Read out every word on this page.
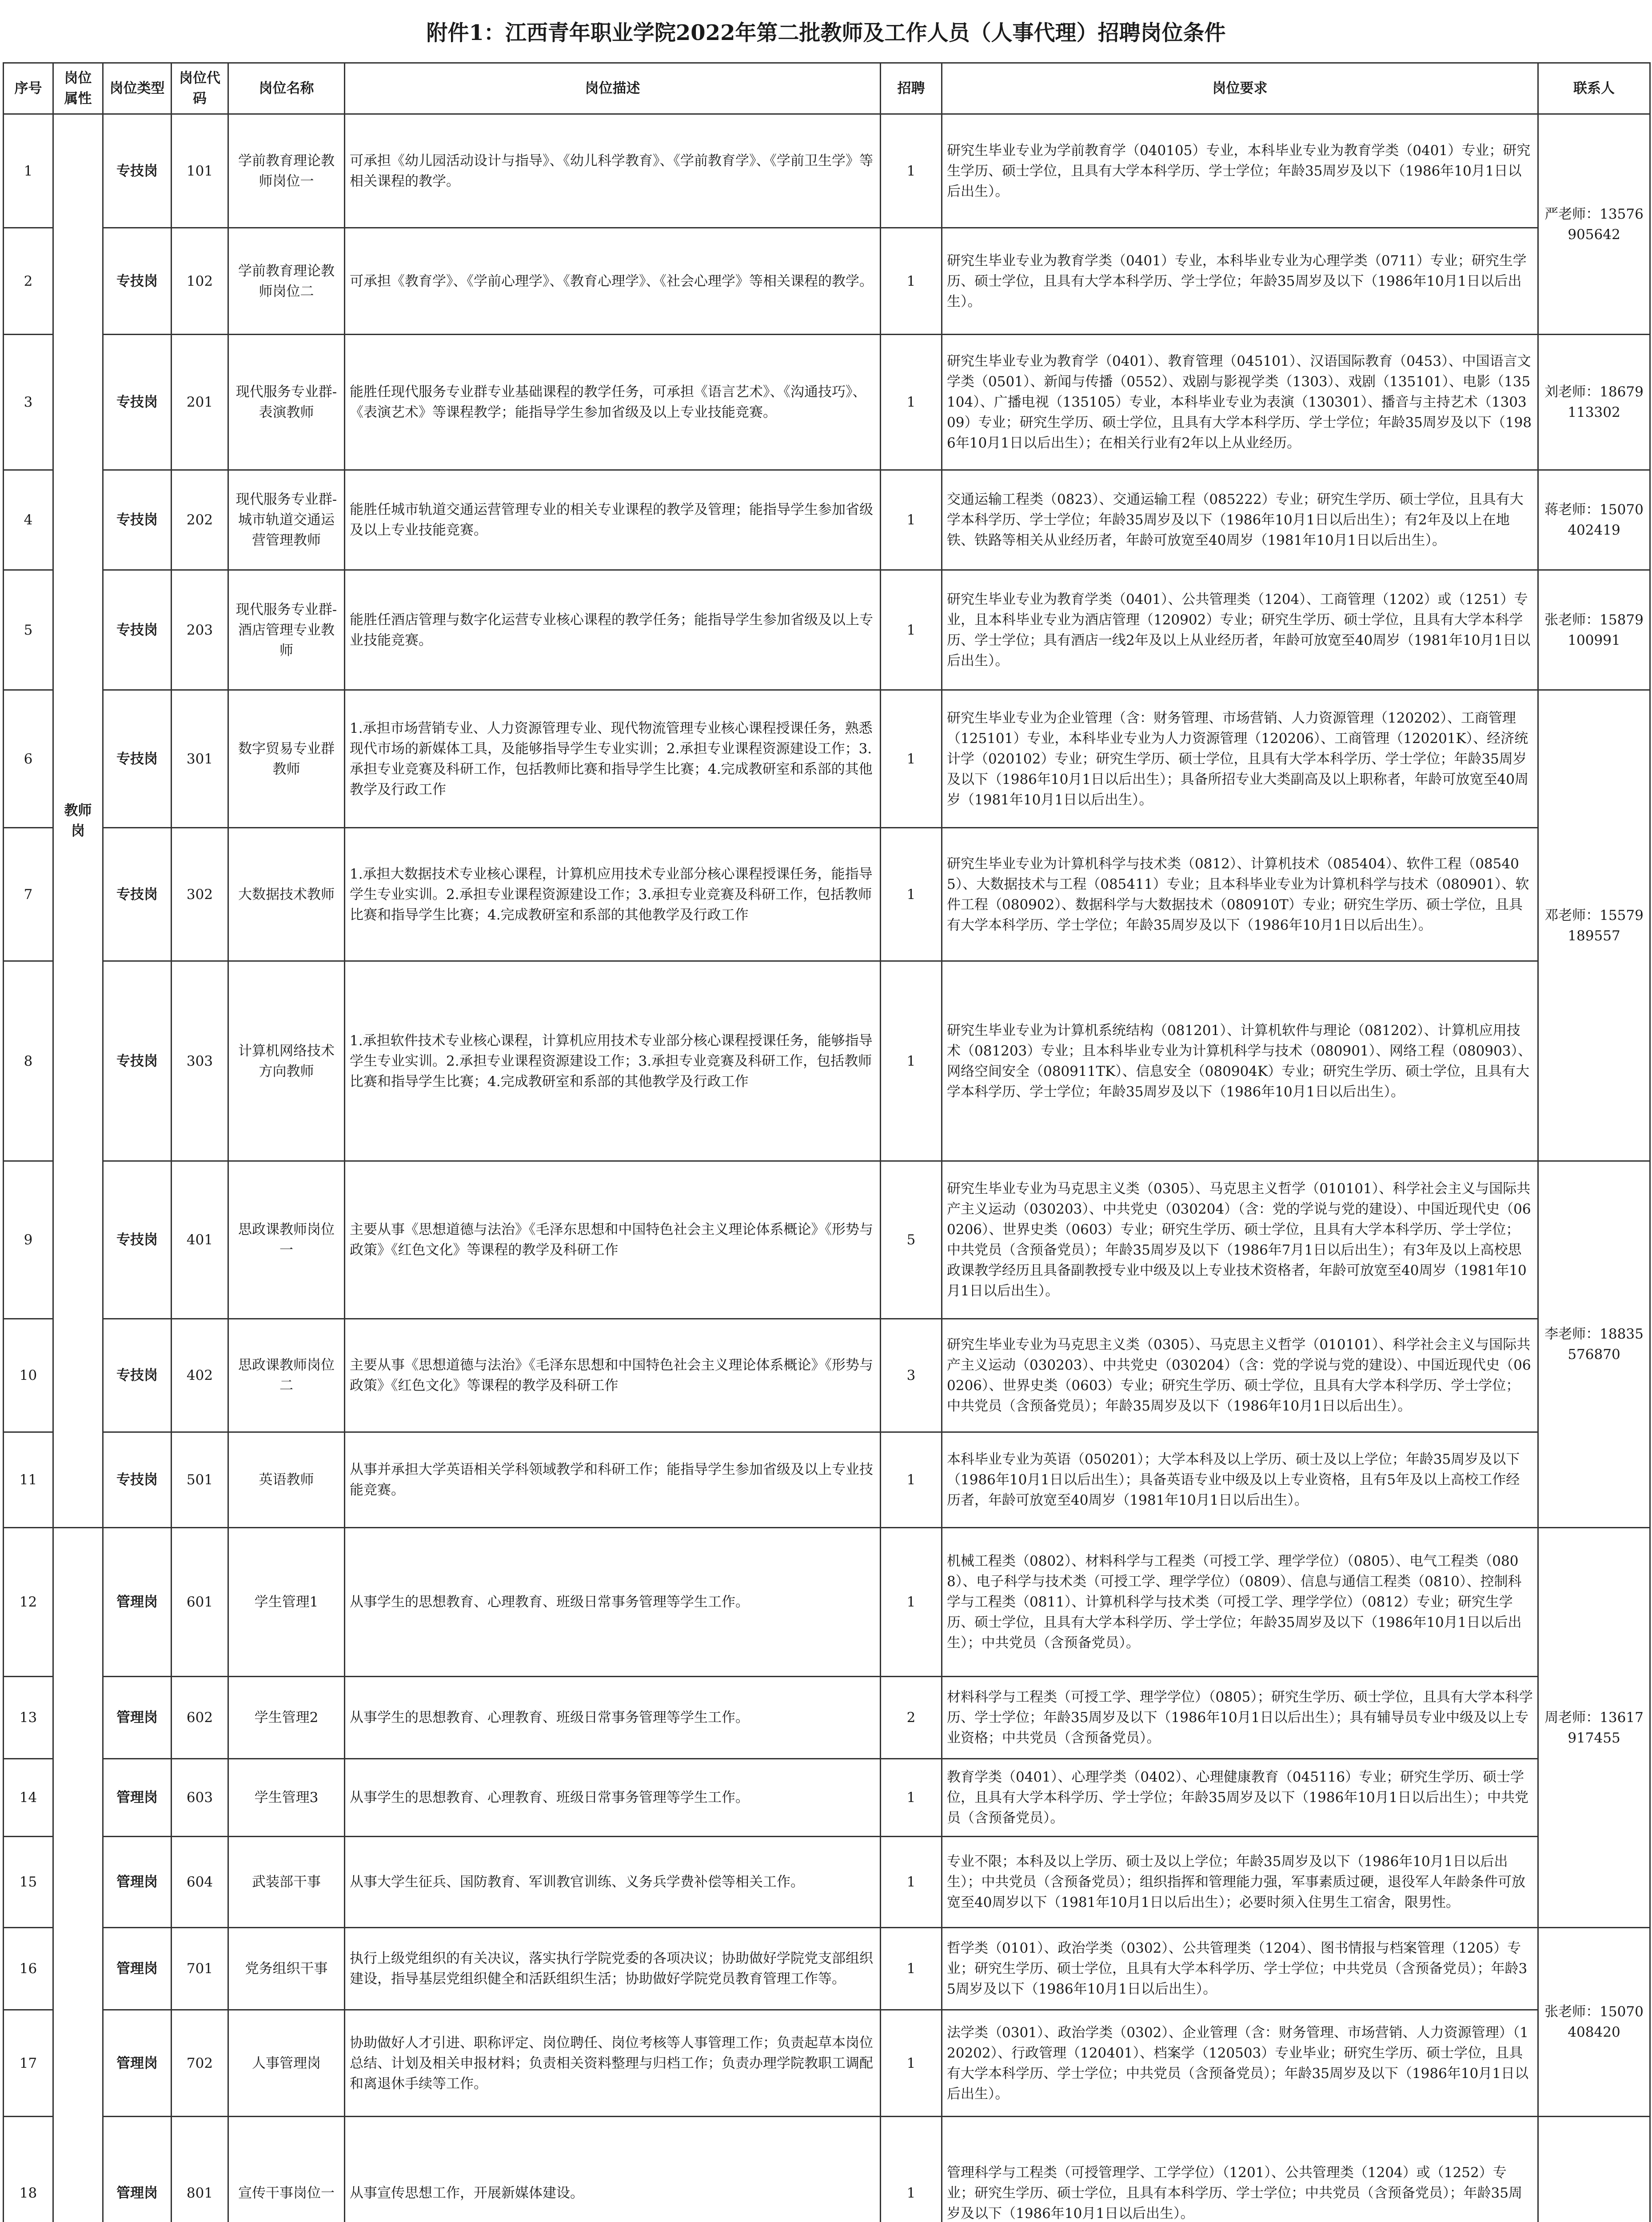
附件1：江西青年职业学院2022年第二批教师及工作人员（人事代理）招聘岗位条件
序号	岗位属性	岗位类型	岗位代码	岗位名称	岗位描述	招聘	岗位要求	联系人
1	教师岗	专技岗	101	学前教育理论教师岗位一	可承担《幼儿园活动设计与指导》、《幼儿科学教育》、《学前教育学》、《学前卫生学》等相关课程的教学。	1	研究生毕业专业为学前教育学（040105）专业，本科毕业专业为教育学类（0401）专业；研究生学历、硕士学位，且具有大学本科学历、学士学位；年龄35周岁及以下（1986年10月1日以后出生）。	严老师：13576905642
2		专技岗	102	学前教育理论教师岗位二	可承担《教育学》、《学前心理学》、《教育心理学》、《社会心理学》等相关课程的教学。	1	研究生毕业专业为教育学类（0401）专业，本科毕业专业为心理学类（0711）专业；研究生学历、硕士学位，且具有大学本科学历、学士学位；年龄35周岁及以下（1986年10月1日以后出生）。	
3		专技岗	201	现代服务专业群-表演教师	能胜任现代服务专业群专业基础课程的教学任务，可承担《语言艺术》、《沟通技巧》、《表演艺术》等课程教学；能指导学生参加省级及以上专业技能竞赛。	1	研究生毕业专业为教育学（0401）、教育管理（045101）、汉语国际教育（0453）、中国语言文学类（0501）、新闻与传播（0552）、戏剧与影视学类（1303）、戏剧（135101）、电影（135104）、广播电视（135105）专业，本科毕业专业为表演（130301）、播音与主持艺术（130309）专业；研究生学历、硕士学位，且具有大学本科学历、学士学位；年龄35周岁及以下（1986年10月1日以后出生）；在相关行业有2年以上从业经历。	刘老师：18679113302
4		专技岗	202	现代服务专业群-城市轨道交通运营管理教师	能胜任城市轨道交通运营管理专业的相关专业课程的教学及管理；能指导学生参加省级及以上专业技能竞赛。	1	交通运输工程类（0823）、交通运输工程（085222）专业；研究生学历、硕士学位，且具有大学本科学历、学士学位；年龄35周岁及以下（1986年10月1日以后出生）；有2年及以上在地铁、铁路等相关从业经历者，年龄可放宽至40周岁（1981年10月1日以后出生）。	蒋老师：15070402419
5		专技岗	203	现代服务专业群-酒店管理专业教师	能胜任酒店管理与数字化运营专业核心课程的教学任务；能指导学生参加省级及以上专业技能竞赛。	1	研究生毕业专业为教育学类（0401）、公共管理类（1204）、工商管理（1202）或（1251）专业，且本科毕业专业为酒店管理（120902）专业；研究生学历、硕士学位，且具有大学本科学历、学士学位；具有酒店一线2年及以上从业经历者，年龄可放宽至40周岁（1981年10月1日以后出生）。	张老师：15879100991
6		专技岗	301	数字贸易专业群教师	1.承担市场营销专业、人力资源管理专业、现代物流管理专业核心课程授课任务，熟悉现代市场的新媒体工具，及能够指导学生专业实训；2.承担专业课程资源建设工作；3.承担专业竞赛及科研工作，包括教师比赛和指导学生比赛；4.完成教研室和系部的其他教学及行政工作	1	研究生毕业专业为企业管理（含：财务管理、市场营销、人力资源管理（120202）、工商管理（125101）专业，本科毕业专业为人力资源管理（120206）、工商管理（120201K）、经济统计学（020102）专业；研究生学历、硕士学位，且具有大学本科学历、学士学位；年龄35周岁及以下（1986年10月1日以后出生）；具备所招专业大类副高及以上职称者，年龄可放宽至40周岁（1981年10月1日以后出生）。	邓老师：15579189557
7		专技岗	302	大数据技术教师	1.承担大数据技术专业核心课程，计算机应用技术专业部分核心课程授课任务，能指导学生专业实训。2.承担专业课程资源建设工作；3.承担专业竞赛及科研工作，包括教师比赛和指导学生比赛；4.完成教研室和系部的其他教学及行政工作	1	研究生毕业专业为计算机科学与技术类（0812）、计算机技术（085404）、软件工程（085405）、大数据技术与工程（085411）专业；且本科毕业专业为计算机科学与技术（080901）、软件工程（080902）、数据科学与大数据技术（080910T）专业；研究生学历、硕士学位，且具有大学本科学历、学士学位；年龄35周岁及以下（1986年10月1日以后出生）。	
8		专技岗	303	计算机网络技术方向教师	1.承担软件技术专业核心课程，计算机应用技术专业部分核心课程授课任务，能够指导学生专业实训。2.承担专业课程资源建设工作；3.承担专业竞赛及科研工作，包括教师比赛和指导学生比赛；4.完成教研室和系部的其他教学及行政工作	1	研究生毕业专业为计算机系统结构（081201）、计算机软件与理论（081202）、计算机应用技术（081203）专业；且本科毕业专业为计算机科学与技术（080901）、网络工程（080903）、网络空间安全（080911TK）、信息安全（080904K）专业；研究生学历、硕士学位，且具有大学本科学历、学士学位；年龄35周岁及以下（1986年10月1日以后出生）。	
9		专技岗	401	思政课教师岗位一	主要从事《思想道德与法治》《毛泽东思想和中国特色社会主义理论体系概论》《形势与政策》《红色文化》等课程的教学及科研工作	5	研究生毕业专业为马克思主义类（0305）、马克思主义哲学（010101）、科学社会主义与国际共产主义运动（030203）、中共党史（030204）（含：党的学说与党的建设）、中国近现代史（060206）、世界史类（0603）专业；研究生学历、硕士学位，且具有大学本科学历、学士学位；中共党员（含预备党员）；年龄35周岁及以下（1986年7月1日以后出生）；有3年及以上高校思政课教学经历且具备副教授专业中级及以上专业技术资格者，年龄可放宽至40周岁（1981年10月1日以后出生）。	李老师：18835576870
10		专技岗	402	思政课教师岗位二	主要从事《思想道德与法治》《毛泽东思想和中国特色社会主义理论体系概论》《形势与政策》《红色文化》等课程的教学及科研工作	3	研究生毕业专业为马克思主义类（0305）、马克思主义哲学（010101）、科学社会主义与国际共产主义运动（030203）、中共党史（030204）（含：党的学说与党的建设）、中国近现代史（060206）、世界史类（0603）专业；研究生学历、硕士学位，且具有大学本科学历、学士学位；中共党员（含预备党员）；年龄35周岁及以下（1986年10月1日以后出生）。	
11		专技岗	501	英语教师	从事并承担大学英语相关学科领域教学和科研工作；能指导学生参加省级及以上专业技能竞赛。	1	本科毕业专业为英语（050201）；大学本科及以上学历、硕士及以上学位；年龄35周岁及以下（1986年10月1日以后出生）；具备英语专业中级及以上专业资格，且有5年及以上高校工作经历者，年龄可放宽至40周岁（1981年10月1日以后出生）。	
12		管理岗	601	学生管理1	从事学生的思想教育、心理教育、班级日常事务管理等学生工作。	1	机械工程类（0802）、材料科学与工程类（可授工学、理学学位）（0805）、电气工程类（0808）、电子科学与技术类（可授工学、理学学位）（0809）、信息与通信工程类（0810）、控制科学与工程类（0811）、计算机科学与技术类（可授工学、理学学位）（0812）专业；研究生学历、硕士学位，且具有大学本科学历、学士学位；年龄35周岁及以下（1986年10月1日以后出生）；中共党员（含预备党员）。	周老师：13617917455
13		管理岗	602	学生管理2	从事学生的思想教育、心理教育、班级日常事务管理等学生工作。	2	材料科学与工程类（可授工学、理学学位）（0805）；研究生学历、硕士学位，且具有大学本科学历、学士学位；年龄35周岁及以下（1986年10月1日以后出生）；具有辅导员专业中级及以上专业资格；中共党员（含预备党员）。	
14		管理岗	603	学生管理3	从事学生的思想教育、心理教育、班级日常事务管理等学生工作。	1	教育学类（0401）、心理学类（0402）、心理健康教育（045116）专业；研究生学历、硕士学位，且具有大学本科学历、学士学位；年龄35周岁及以下（1986年10月1日以后出生）；中共党员（含预备党员）。	
15		管理岗	604	武装部干事	从事大学生征兵、国防教育、军训教官训练、义务兵学费补偿等相关工作。	1	专业不限；本科及以上学历、硕士及以上学位；年龄35周岁及以下（1986年10月1日以后出生）；中共党员（含预备党员）；组织指挥和管理能力强，军事素质过硬，退役军人年龄条件可放宽至40周岁以下（1981年10月1日以后出生）；必要时须入住男生工宿舍，限男性。	
16		管理岗	701	党务组织干事	执行上级党组织的有关决议，落实执行学院党委的各项决议；协助做好学院党支部组织建设，指导基层党组织健全和活跃组织生活；协助做好学院党员教育管理工作等。	1	哲学类（0101）、政治学类（0302）、公共管理类（1204）、图书情报与档案管理（1205）专业；研究生学历、硕士学位，且具有大学本科学历、学士学位；中共党员（含预备党员）；年龄35周岁及以下（1986年10月1日以后出生）。	张老师：15070408420
17		管理岗	702	人事管理岗	协助做好人才引进、职称评定、岗位聘任、岗位考核等人事管理工作；负责起草本岗位总结、计划及相关申报材料；负责相关资料整理与归档工作；负责办理学院教职工调配和离退休手续等工作。	1	法学类（0301）、政治学类（0302）、企业管理（含：财务管理、市场营销、人力资源管理）（120202）、行政管理（120401）、档案学（120503）专业毕业；研究生学历、硕士学位，且具有大学本科学历、学士学位；中共党员（含预备党员）；年龄35周岁及以下（1986年10月1日以后出生）。	
18		管理岗	801	宣传干事岗位一	从事宣传思想工作，开展新媒体建设。	1	管理科学与工程类（可授管理学、工学学位）（1201）、公共管理类（1204）或（1252）专业；研究生学历、硕士学位，且具有本科学历、学士学位；中共党员（含预备党员）；年龄35周岁及以下（1986年10月1日以后出生）。	
